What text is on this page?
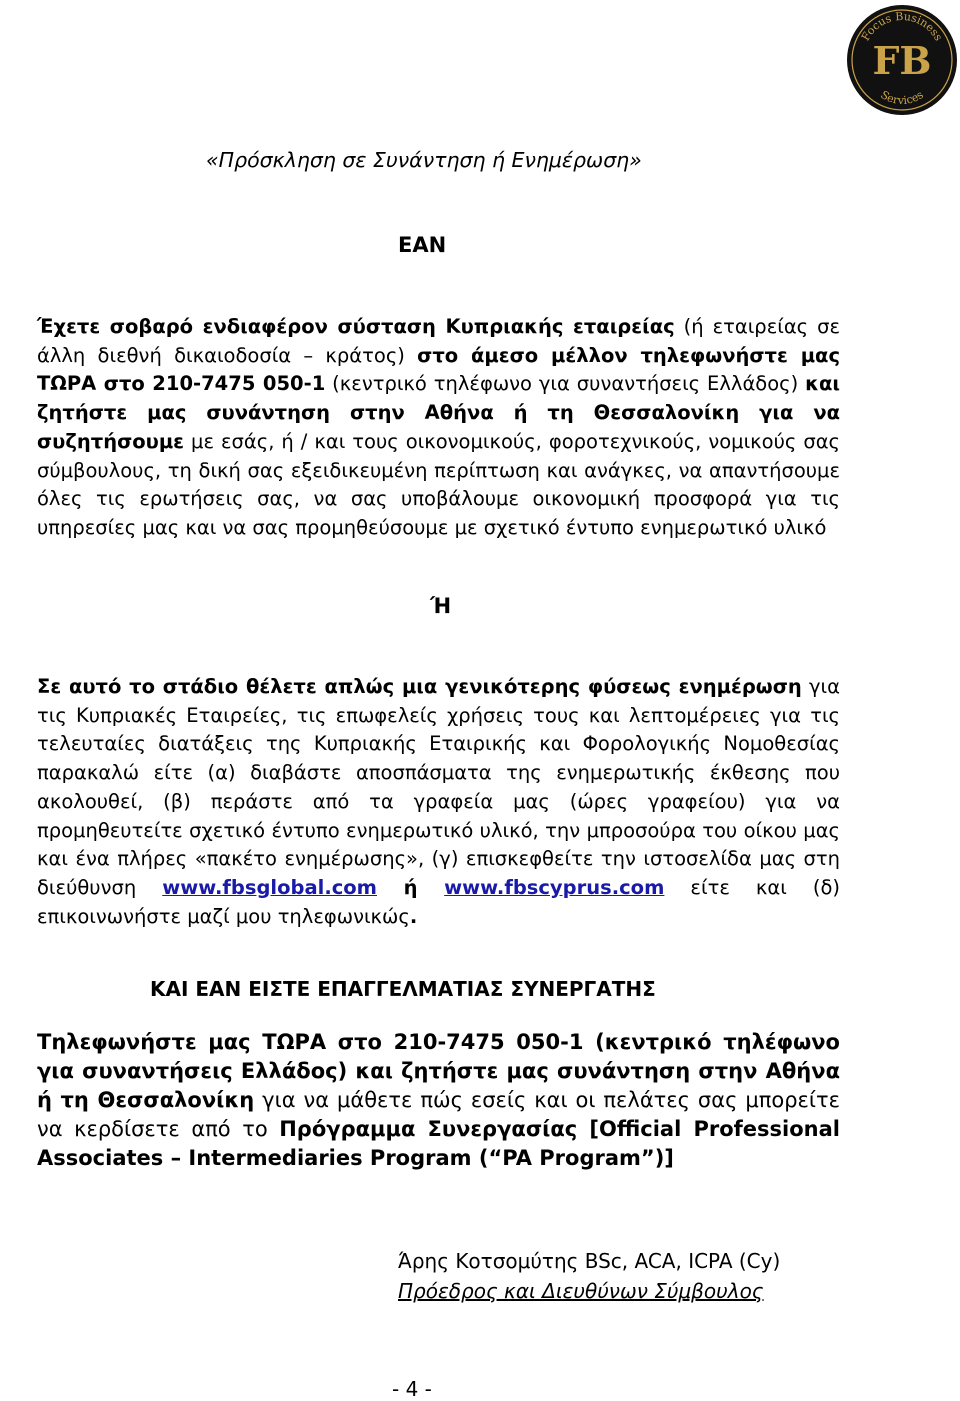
Focus Business
FB
Services
«Πρόσκληση σε Συνάντηση ή Ενημέρωση»
ΕΑΝ
Έχετε σοβαρό ενδιαφέρον σύσταση Κυπριακής εταιρείας (ή εταιρείας σε άλλη διεθνή δικαιοδοσία – κράτος) στο άμεσο μέλλον τηλεφωνήστε μας ΤΩΡΑ στο 210-7475 050-1 (κεντρικό τηλέφωνο για συναντήσεις Ελλάδος) και ζητήστε μας συνάντηση στην Αθήνα ή τη Θεσσαλονίκη για να συζητήσουμε με εσάς, ή / και τους οικονομικούς, φοροτεχνικούς, νομικούς σας σύμβουλους, τη δική σας εξειδικευμένη περίπτωση και ανάγκες, να απαντήσουμε όλες τις ερωτήσεις σας, να σας υποβάλουμε οικονομική προσφορά για τις υπηρεσίες μας και να σας προμηθεύσουμε με σχετικό έντυπο ενημερωτικό υλικό
Ή
Σε αυτό το στάδιο θέλετε απλώς μια γενικότερης φύσεως ενημέρωση για τις Κυπριακές Εταιρείες, τις επωφελείς χρήσεις τους και λεπτομέρειες για τις τελευταίες διατάξεις της Κυπριακής Εταιρικής και Φορολογικής Νομοθεσίας παρακαλώ είτε (α) διαβάστε αποσπάσματα της ενημερωτικής έκθεσης που ακολουθεί, (β) περάστε από τα γραφεία μας (ώρες γραφείου) για να προμηθευτείτε σχετικό έντυπο ενημερωτικό υλικό, την μπροσούρα του οίκου μας και ένα πλήρες «πακέτο ενημέρωσης», (γ) επισκεφθείτε την ιστοσελίδα μας στη διεύθυνση www.fbsglobal.com ή www.fbscyprus.com είτε και (δ) επικοινωνήστε μαζί μου τηλεφωνικώς.
ΚΑΙ ΕΑΝ ΕΙΣΤΕ ΕΠΑΓΓΕΛΜΑΤΙΑΣ ΣΥΝΕΡΓΑΤΗΣ
Τηλεφωνήστε μας ΤΩΡΑ στο 210-7475 050-1 (κεντρικό τηλέφωνο για συναντήσεις Ελλάδος) και ζητήστε μας συνάντηση στην Αθήνα ή τη Θεσσαλονίκη για να μάθετε πώς εσείς και οι πελάτες σας μπορείτε να κερδίσετε από το Πρόγραμμα Συνεργασίας [Official Professional Associates – Intermediaries Program (“PA Program”)]
Άρης Κοτσομύτης BSc, ACA, ICPA (Cy)
Πρόεδρος και Διευθύνων Σύμβουλος
- 4 -
